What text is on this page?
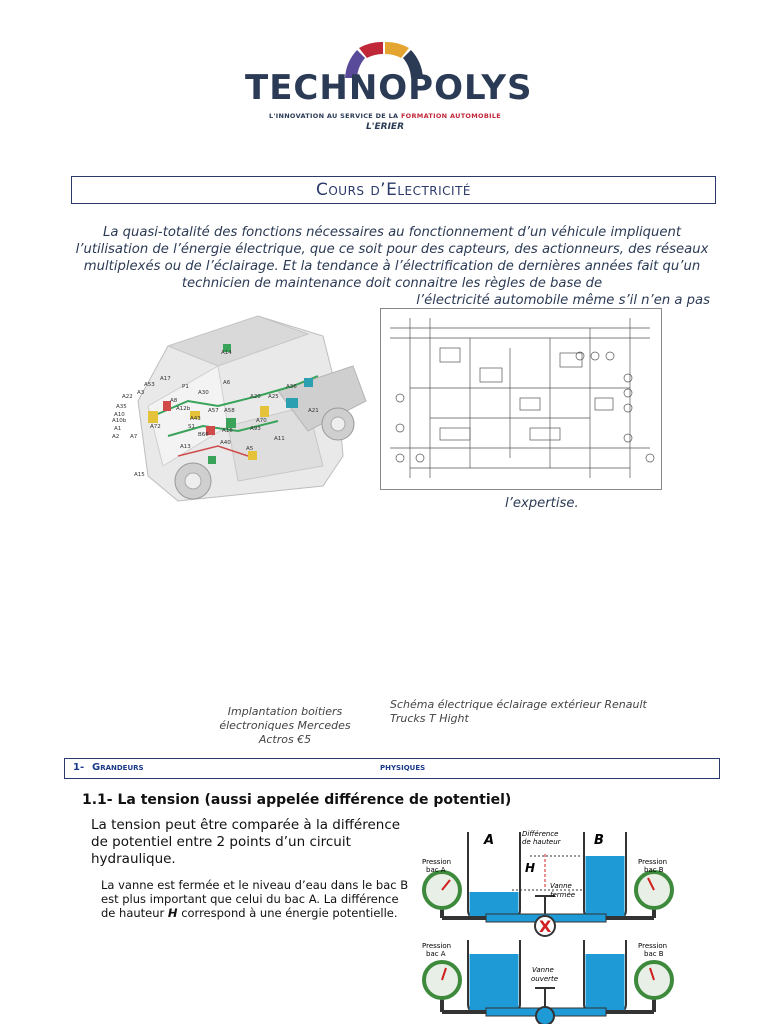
TECHNOPOLYS
L'INNOVATION AU SERVICE DE LA FORMATION AUTOMOBILE
L'ERIER
Cours d’Electricité
La quasi-totalité des fonctions nécessaires au fonctionnement d’un véhicule impliquent l’utilisation de l’énergie électrique, que ce soit pour des capteurs, des actionneurs, des réseaux multiplexés ou de l’éclairage. Et la tendance à l’électrification de dernières années fait qu’un technicien de maintenance doit connaitre les règles de base de
l’électricité automobile même s’il n’en a pas
A14
A17
A53
A8
P1
A30
A6
A36
A3
A22
A35
A10
A10b
A1
A2 A7
A72
A12b	A57 A58
A20 A25
A21
A43
S1
B66
A16
A70
A93
A11
A40
A13	A5
A15
l’expertise.
Implantation boitiers électroniques Mercedes Actros €5
Schéma électrique éclairage extérieur Renault Trucks T Hight
1- Grandeurs	physiques
1.1- La tension (aussi appelée différence de potentiel)
La tension peut être comparée à la différence de potentiel entre 2 points d’un circuit hydraulique.
La vanne est fermée et le niveau d’eau dans le bac B est plus important que celui du bac A. La différence de hauteur H correspond à une énergie potentielle.
X
A	B
Différence
de hauteur
H
Vanne
fermée
Pression
bac A
Pression
bac B
Vanne
ouverte
Pression
bac A
Pression
bac B
